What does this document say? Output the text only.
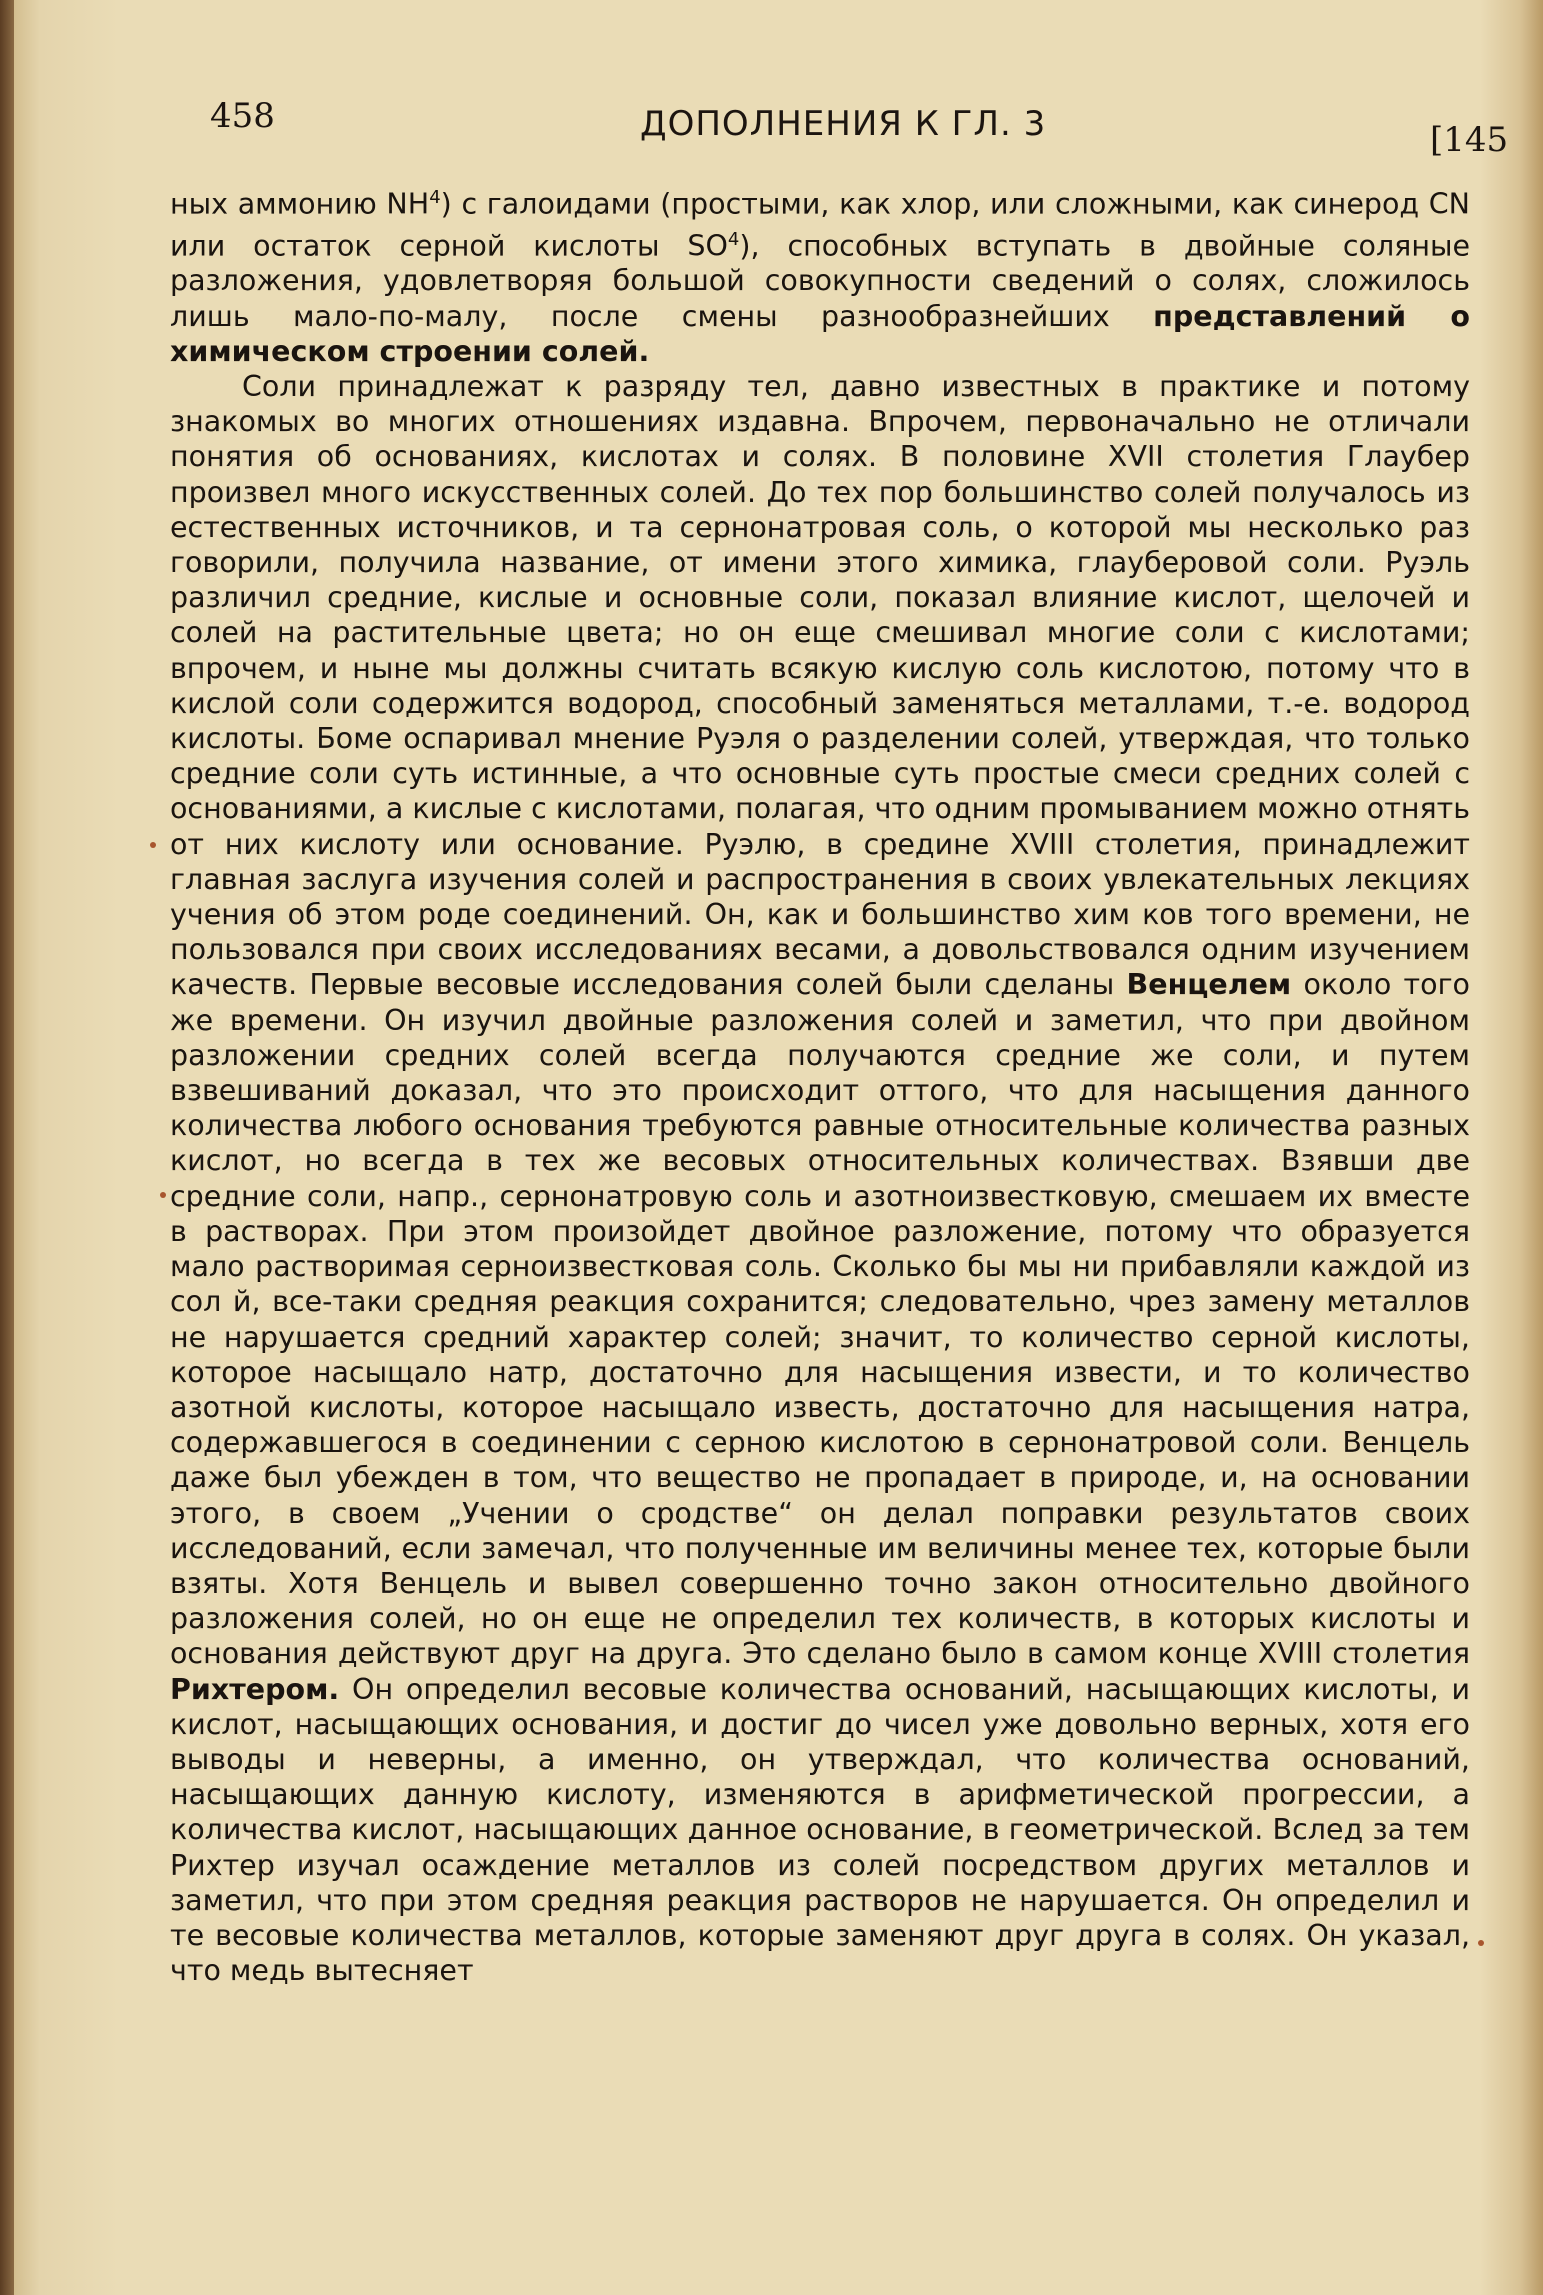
458	ДОПОЛНЕНИЯ К ГЛ. 3	[145

ных аммонию $NH^4$) с галоидами (простыми, как хлор, или сложными, как синерод CN или остаток серной кислоты $SO^4$), способных вступать в двойные соляные разложения, удовлетворяя большой совокупности сведений о солях, сложилось лишь мало-по-малу, после смены разнообразнейших представлений о химическом строении солей.

Соли принадлежат к разряду тел, давно известных в практике и потому знакомых во многих отношениях издавна. Впрочем, первоначально не отличали понятия об основаниях, кислотах и солях. В половине XVII столетия Глаубер произвел много искусственных солей. До тех пор большинство солей получалось из естественных источников, и та сернонатровая соль, о которой мы несколько раз говорили, получила название, от имени этого химика, глауберовой соли. Руэль различил средние, кислые и основные соли, показал влияние кислот, щелочей и солей на растительные цвета; но он еще смешивал многие соли с кислотами; впрочем, и ныне мы должны считать всякую кислую соль кислотою, потому что в кислой соли содержится водород, способный заменяться металлами, т.-е. водород кислоты. Боме оспаривал мнение Руэля о разделении солей, утверждая, что только средние соли суть истинные, а что основные суть простые смеси средних солей с основаниями, а кислые с кислотами, полагая, что одним промыванием можно отнять от них кислоту или основание. Руэлю, в средине XVIII столетия, принадлежит главная заслуга изучения солей и распространения в своих увлекательных лекциях учения об этом роде соединений. Он, как и большинство хим ков того времени, не пользовался при своих исследованиях весами, а довольствовался одним изучением качеств. Первые весовые исследования солей были сделаны Венцелем около того же времени. Он изучил двойные разложения солей и заметил, что при двойном разложении средних солей всегда получаются средние же соли, и путем взвешиваний доказал, что это происходит оттого, что для насыщения данного количества любого основания требуются равные относительные количества разных кислот, но всегда в тех же весовых относительных количествах. Взявши две средние соли, напр., сернонатровую соль и азотноизвестковую, смешаем их вместе в растворах. При этом произойдет двойное разложение, потому что образуется мало растворимая серноизвестковая соль. Сколько бы мы ни прибавляли каждой из сол й, все-таки средняя реакция сохранится; следовательно, чрез замену металлов не нарушается средний характер солей; значит, то количество серной кислоты, которое насыщало натр, достаточно для насыщения извести, и то количество азотной кислоты, которое насыщало известь, достаточно для насыщения натра, содержавшегося в соединении с серною кислотою в сернонатровой соли. Венцель даже был убежден в том, что вещество не пропадает в природе, и, на основании этого, в своем „Учении о сродстве“ он делал поправки результатов своих исследований, если замечал, что полученные им величины менее тех, которые были взяты. Хотя Венцель и вывел совершенно точно закон относительно двойного разложения солей, но он еще не определил тех количеств, в которых кислоты и основания действуют друг на друга. Это сделано было в самом конце XVIII столетия Рихтером. Он определил весовые количества оснований, насыщающих кислоты, и кислот, насыщающих основания, и достиг до чисел уже довольно верных, хотя его выводы и неверны, а именно, он утверждал, что количества оснований, насыщающих данную кислоту, изменяются в арифметической прогрессии, а количества кислот, насыщающих данное основание, в геометрической. Вслед за тем Рихтер изучал осаждение металлов из солей посредством других металлов и заметил, что при этом средняя реакция растворов не нарушается. Он определил и те весовые количества металлов, которые заменяют друг друга в солях. Он указал, что медь вытесняет
